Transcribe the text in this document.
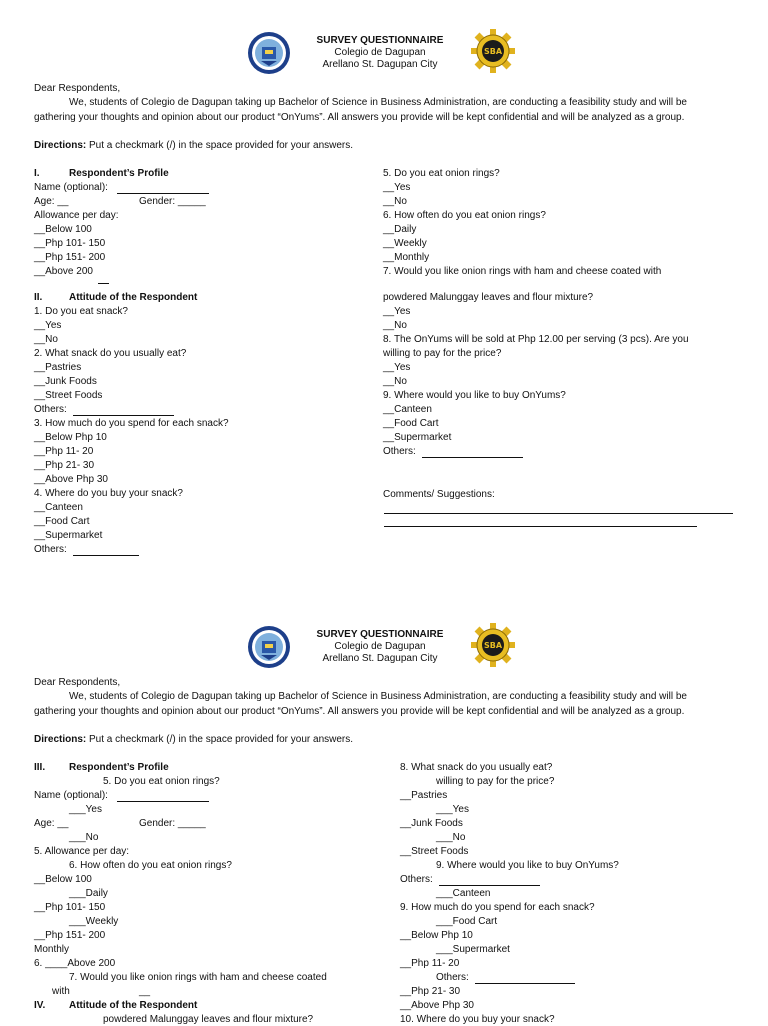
SURVEY QUESTIONNAIRE
Colegio de Dagupan
Arellano St. Dagupan City
SBA
Dear Respondents,
We, students of Colegio de Dagupan taking up Bachelor of Science in Business Administration, are conducting a feasibility study and will be
gathering your thoughts and opinion about our product “OnYums”. All answers you provide will be kept confidential and will be analyzed as a group.
Directions: Put a checkmark (/) in the space provided for your answers.
I.	Respondent’s Profile
Name (optional):
Age: __	Gender: _____
Allowance per day:
__Below 100
__Php 101- 150
__Php 151- 200
__Above 200
II.	Attitude of the Respondent
1. Do you eat snack?
__Yes
__No
2. What snack do you usually eat?
__Pastries
__Junk Foods
__Street Foods
Others:
3. How much do you spend for each snack?
__Below Php 10
__Php 11- 20
__Php 21- 30
__Above Php 30
4. Where do you buy your snack?
__Canteen
__Food Cart
__Supermarket
Others:
5. Do you eat onion rings?
__Yes
__No
6. How often do you eat onion rings?
__Daily
__Weekly
__Monthly
7. Would you like onion rings with ham and cheese coated with
powdered Malunggay leaves and flour mixture?
__Yes
__No
8. The OnYums will be sold at Php 12.00 per serving (3 pcs). Are you
willing to pay for the price?
__Yes
__No
9. Where would you like to buy OnYums?
__Canteen
__Food Cart
__Supermarket
Others:
Comments/ Suggestions:
SURVEY QUESTIONNAIRE
Colegio de Dagupan
Arellano St. Dagupan City
SBA
Dear Respondents,
We, students of Colegio de Dagupan taking up Bachelor of Science in Business Administration, are conducting a feasibility study and will be
gathering your thoughts and opinion about our product “OnYums”. All answers you provide will be kept confidential and will be analyzed as a group.
Directions: Put a checkmark (/) in the space provided for your answers.
III. Respondent’s Profile
5. Do you eat onion rings?
Name (optional):
___Yes
Age: __	Gender: _____
___No
5. Allowance per day:
6. How often do you eat onion rings?
__Below 100
___Daily
__Php 101- 150
___Weekly
__Php 151- 200
Monthly
6. ____Above 200
7. Would you like onion rings with ham and cheese coated
with	__
IV. Attitude of the Respondent
powdered Malunggay leaves and flour mixture?
8. What snack do you usually eat?
willing to pay for the price?
__Pastries
___Yes
__Junk Foods
___No
__Street Foods
9. Where would you like to buy OnYums?
Others:
___Canteen
9. How much do you spend for each snack?
___Food Cart
__Below Php 10
___Supermarket
__Php 11- 20
Others:
__Php 21- 30
__Above Php 30
10. Where do you buy your snack?
